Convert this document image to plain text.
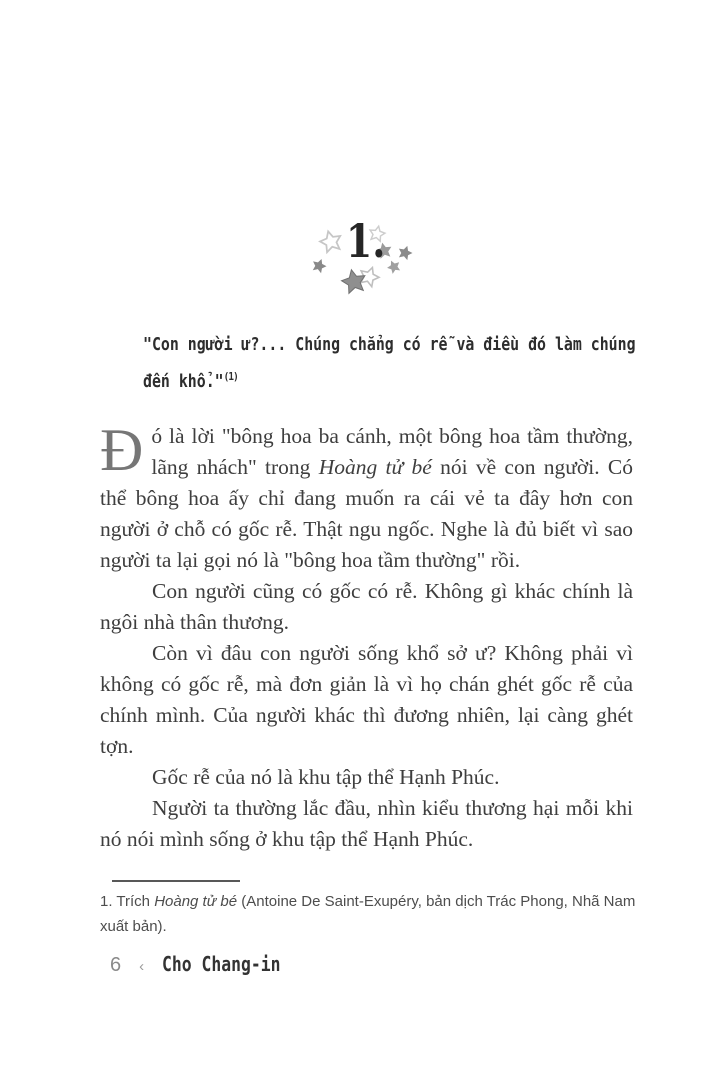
1.
"Con người ư?... Chúng chẳng có rễ và điều đó làm chúng
đến khổ."$^{(1)}$

Đó là lời "bông hoa ba cánh, một bông hoa tầm thường, lãng nhách" trong Hoàng tử bé nói về con người. Có thể bông hoa ấy chỉ đang muốn ra cái vẻ ta đây hơn con người ở chỗ có gốc rễ. Thật ngu ngốc. Nghe là đủ biết vì sao người ta lại gọi nó là "bông hoa tầm thường" rồi.

Con người cũng có gốc có rễ. Không gì khác chính là ngôi nhà thân thương.

Còn vì đâu con người sống khổ sở ư? Không phải vì không có gốc rễ, mà đơn giản là vì họ chán ghét gốc rễ của chính mình. Của người khác thì đương nhiên, lại càng ghét tợn.

Gốc rễ của nó là khu tập thể Hạnh Phúc.

Người ta thường lắc đầu, nhìn kiểu thương hại mỗi khi nó nói mình sống ở khu tập thể Hạnh Phúc.

1. Trích Hoàng tử bé (Antoine De Saint-Exupéry, bản dịch Trác Phong, Nhã Nam xuất bản).
6 ‹ Cho Chang-in
